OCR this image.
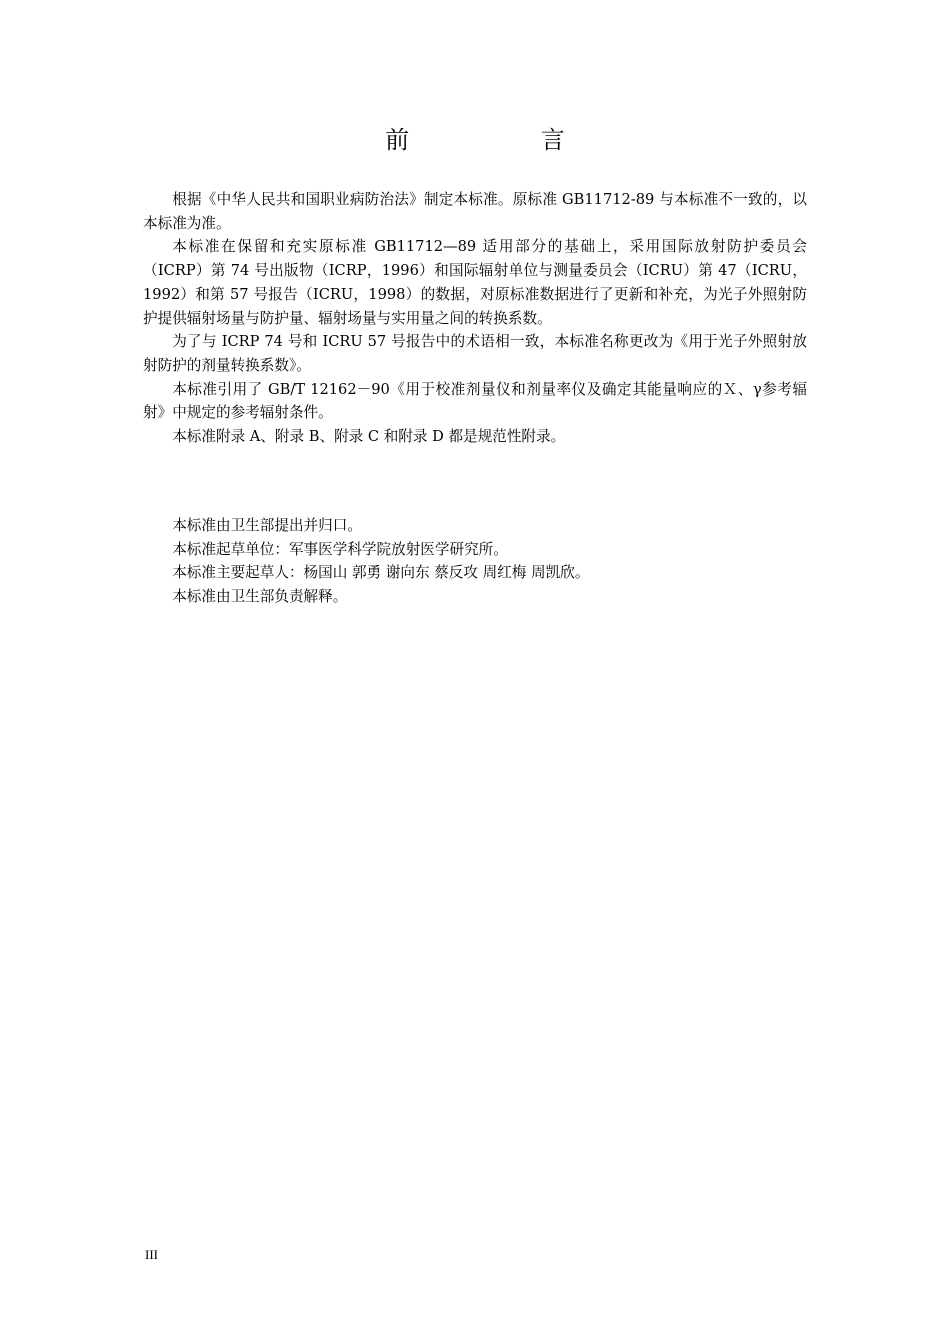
前 言

根据《中华人民共和国职业病防治法》制定本标准。原标准 GB11712-89 与本标准不一致的，以本标准为准。

本标准在保留和充实原标准 GB11712—89 适用部分的基础上，采用国际放射防护委员会（ICRP）第 74 号出版物（ICRP，1996）和国际辐射单位与测量委员会（ICRU）第 47（ICRU，1992）和第 57 号报告（ICRU，1998）的数据，对原标准数据进行了更新和补充，为光子外照射防护提供辐射场量与防护量、辐射场量与实用量之间的转换系数。

为了与 ICRP 74 号和 ICRU 57 号报告中的术语相一致，本标准名称更改为《用于光子外照射放射防护的剂量转换系数》。

本标准引用了 GB/T 12162－90《用于校准剂量仪和剂量率仪及确定其能量响应的Ｘ、γ参考辐射》中规定的参考辐射条件。

本标准附录 A、附录 B、附录 C 和附录 D 都是规范性附录。

本标准由卫生部提出并归口。

本标准起草单位：军事医学科学院放射医学研究所。

本标准主要起草人：杨国山 郭勇 谢向东 蔡反攻 周红梅 周凯欣。

本标准由卫生部负责解释。

III
